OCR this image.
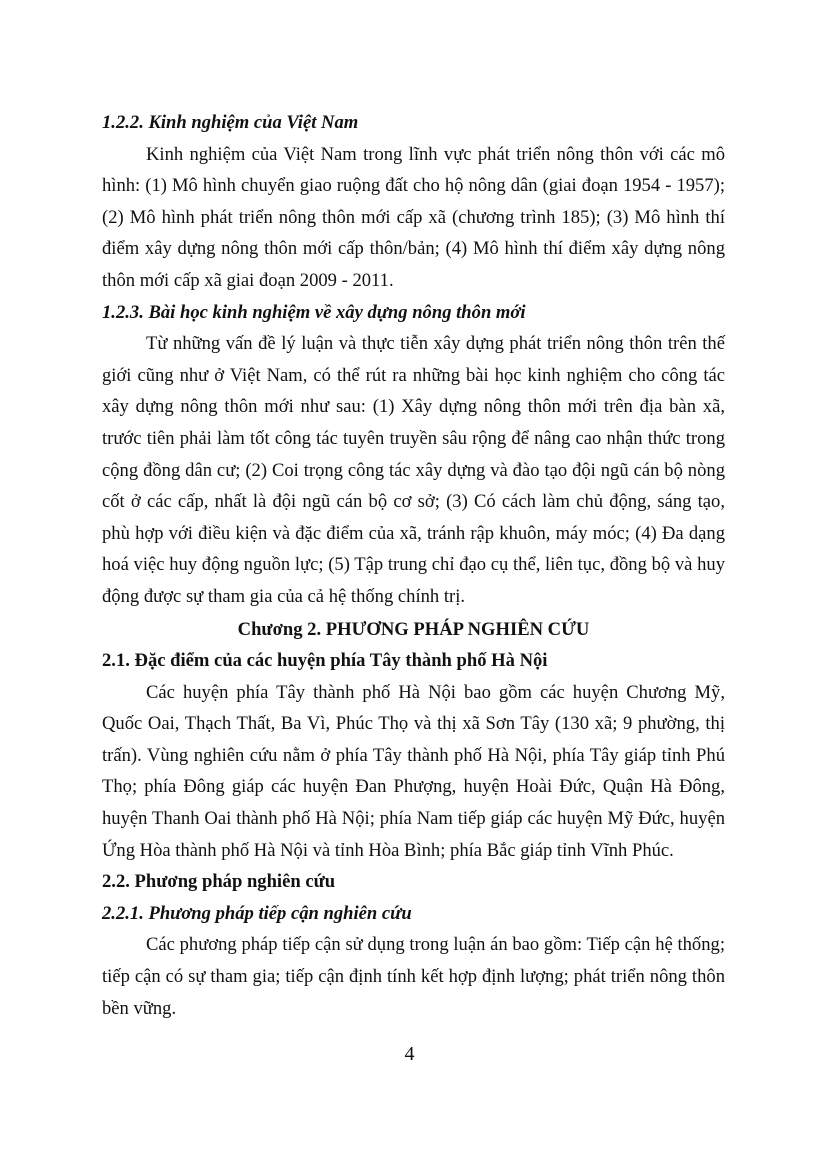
1.2.2. Kinh nghiệm của Việt Nam

Kinh nghiệm của Việt Nam trong lĩnh vực phát triển nông thôn với các mô hình: (1) Mô hình chuyển giao ruộng đất cho hộ nông dân (giai đoạn 1954 - 1957); (2) Mô hình phát triển nông thôn mới cấp xã (chương trình 185); (3) Mô hình thí điểm xây dựng nông thôn mới cấp thôn/bản; (4) Mô hình thí điểm xây dựng nông thôn mới cấp xã giai đoạn 2009 - 2011.

1.2.3. Bài học kinh nghiệm về xây dựng nông thôn mới

Từ những vấn đề lý luận và thực tiễn xây dựng phát triển nông thôn trên thế giới cũng như ở Việt Nam, có thể rút ra những bài học kinh nghiệm cho công tác xây dựng nông thôn mới như sau: (1) Xây dựng nông thôn mới trên địa bàn xã, trước tiên phải làm tốt công tác tuyên truyền sâu rộng để nâng cao nhận thức trong cộng đồng dân cư; (2) Coi trọng công tác xây dựng và đào tạo đội ngũ cán bộ nòng cốt ở các cấp, nhất là đội ngũ cán bộ cơ sở; (3) Có cách làm chủ động, sáng tạo, phù hợp với điều kiện và đặc điểm của xã, tránh rập khuôn, máy móc; (4) Đa dạng hoá việc huy động nguồn lực; (5) Tập trung chỉ đạo cụ thể, liên tục, đồng bộ và huy động được sự tham gia của cả hệ thống chính trị.

Chương 2. PHƯƠNG PHÁP NGHIÊN CỨU

2.1. Đặc điểm của các huyện phía Tây thành phố Hà Nội

Các huyện phía Tây thành phố Hà Nội bao gồm các huyện Chương Mỹ, Quốc Oai, Thạch Thất, Ba Vì, Phúc Thọ và thị xã Sơn Tây (130 xã; 9 phường, thị trấn). Vùng nghiên cứu nằm ở phía Tây thành phố Hà Nội, phía Tây giáp tỉnh Phú Thọ; phía Đông giáp các huyện Đan Phượng, huyện Hoài Đức, Quận Hà Đông, huyện Thanh Oai thành phố Hà Nội; phía Nam tiếp giáp các huyện Mỹ Đức, huyện Ứng Hòa thành phố Hà Nội và tỉnh Hòa Bình; phía Bắc giáp tỉnh Vĩnh Phúc.

2.2. Phương pháp nghiên cứu

2.2.1. Phương pháp tiếp cận nghiên cứu

Các phương pháp tiếp cận sử dụng trong luận án bao gồm: Tiếp cận hệ thống; tiếp cận có sự tham gia; tiếp cận định tính kết hợp định lượng; phát triển nông thôn bền vững.

4
